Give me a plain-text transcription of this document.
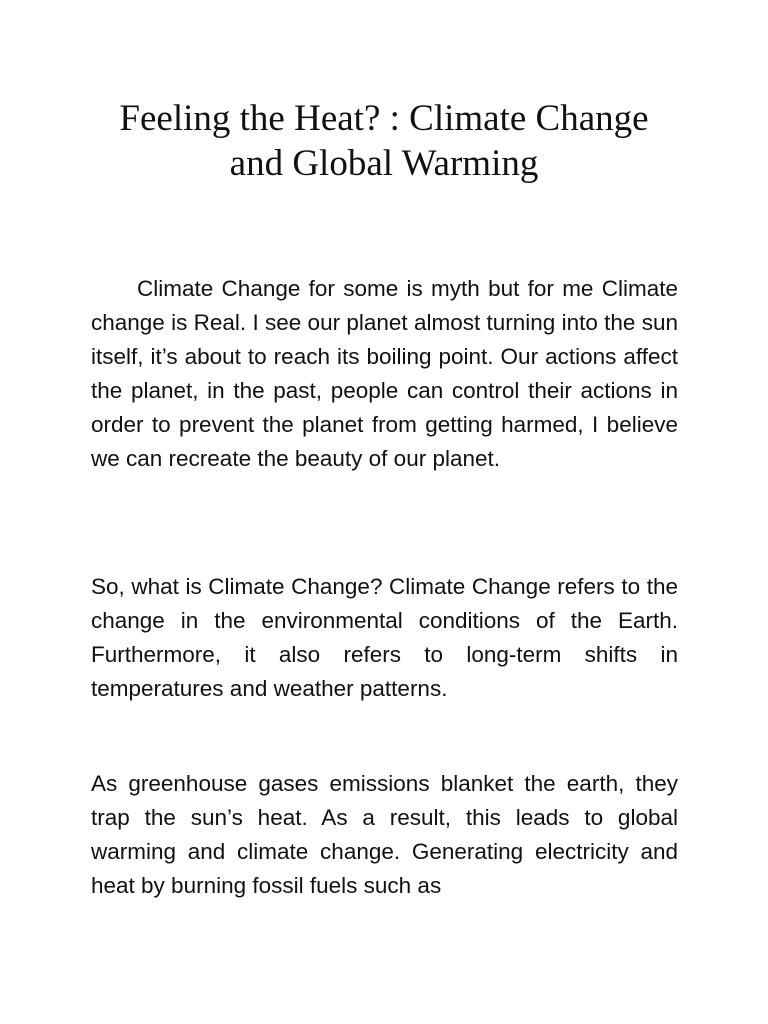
Feeling the Heat? : Climate Change
and Global Warming

Climate Change for some is myth but for me Climate change is Real. I see our planet almost turning into the sun itself, it’s about to reach its boiling point. Our actions affect the planet, in the past, people can control their actions in order to prevent the planet from getting harmed, I believe we can recreate the beauty of our planet.

So, what is Climate Change? Climate Change refers to the change in the environmental conditions of the Earth. Furthermore, it also refers to long-term shifts in temperatures and weather patterns.

As greenhouse gases emissions blanket the earth, they trap the sun’s heat. As a result, this leads to global warming and climate change. Generating electricity and heat by burning fossil fuels such as
